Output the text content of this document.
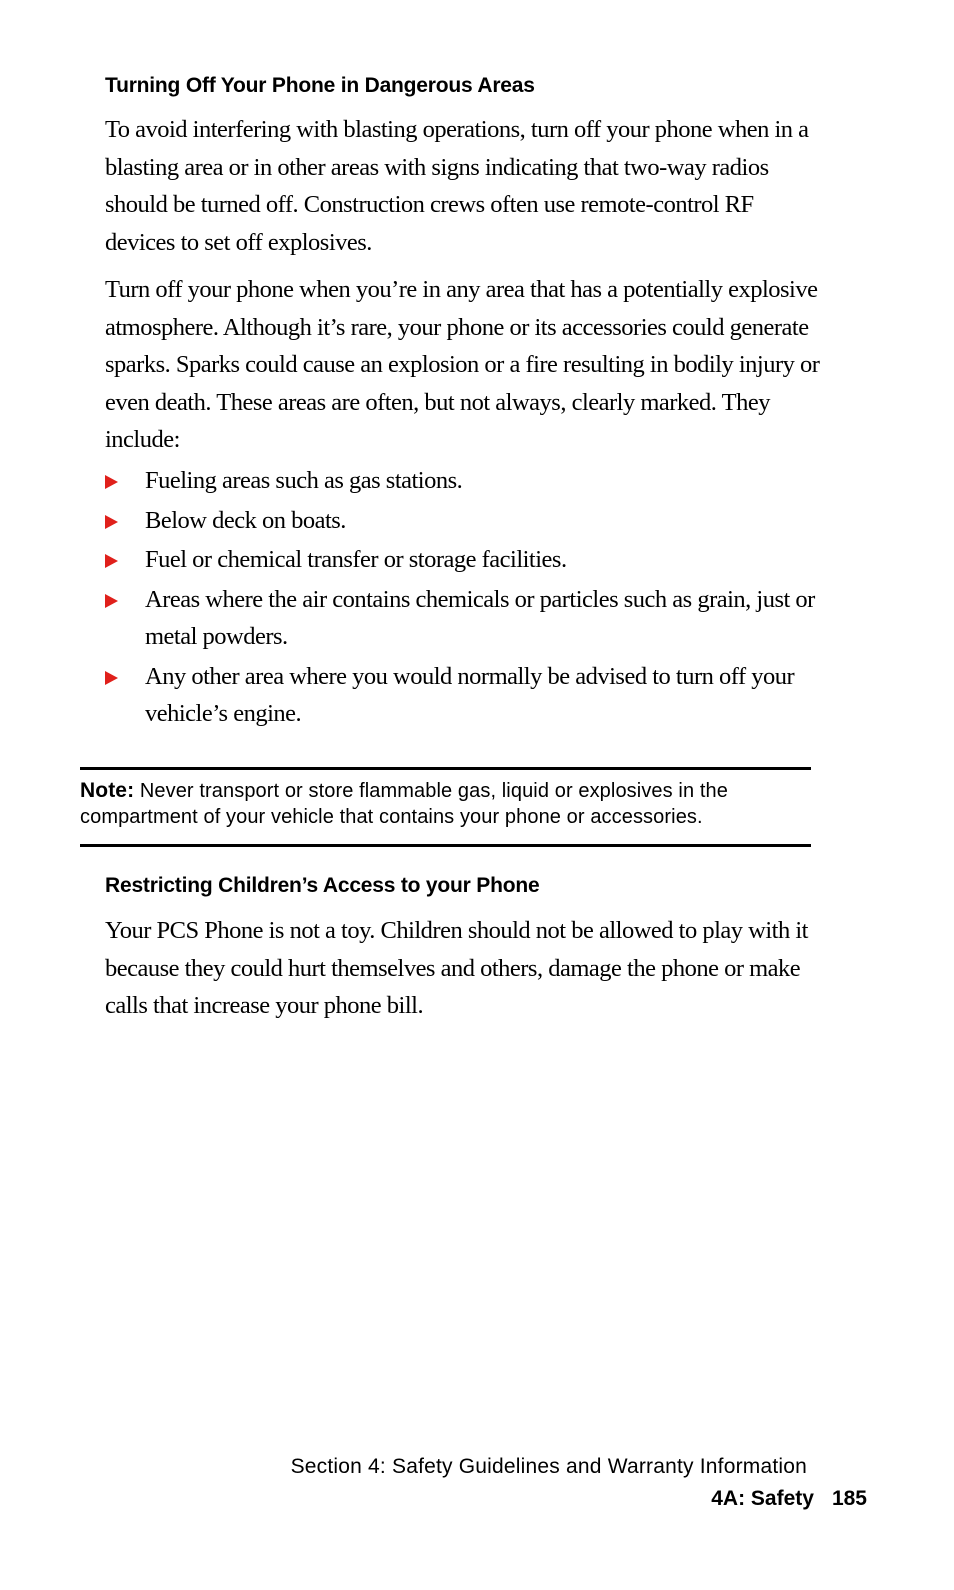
Turning Off Your Phone in Dangerous Areas

To avoid interfering with blasting operations, turn off your phone when in a blasting area or in other areas with signs indicating that two-way radios should be turned off. Construction crews often use remote-control RF devices to set off explosives.

Turn off your phone when you’re in any area that has a potentially explosive atmosphere. Although it’s rare, your phone or its accessories could generate sparks. Sparks could cause an explosion or a fire resulting in bodily injury or even death. These areas are often, but not always, clearly marked. They include:

Fueling areas such as gas stations.
Below deck on boats.
Fuel or chemical transfer or storage facilities.
Areas where the air contains chemicals or particles such as grain, just or metal powders.
Any other area where you would normally be advised to turn off your vehicle’s engine.

Note: Never transport or store flammable gas, liquid or explosives in the compartment of your vehicle that contains your phone or accessories.

Restricting Children’s Access to your Phone

Your PCS Phone is not a toy. Children should not be allowed to play with it because they could hurt themselves and others, damage the phone or make calls that increase your phone bill.

Section 4: Safety Guidelines and Warranty Information

4A: Safety 185
